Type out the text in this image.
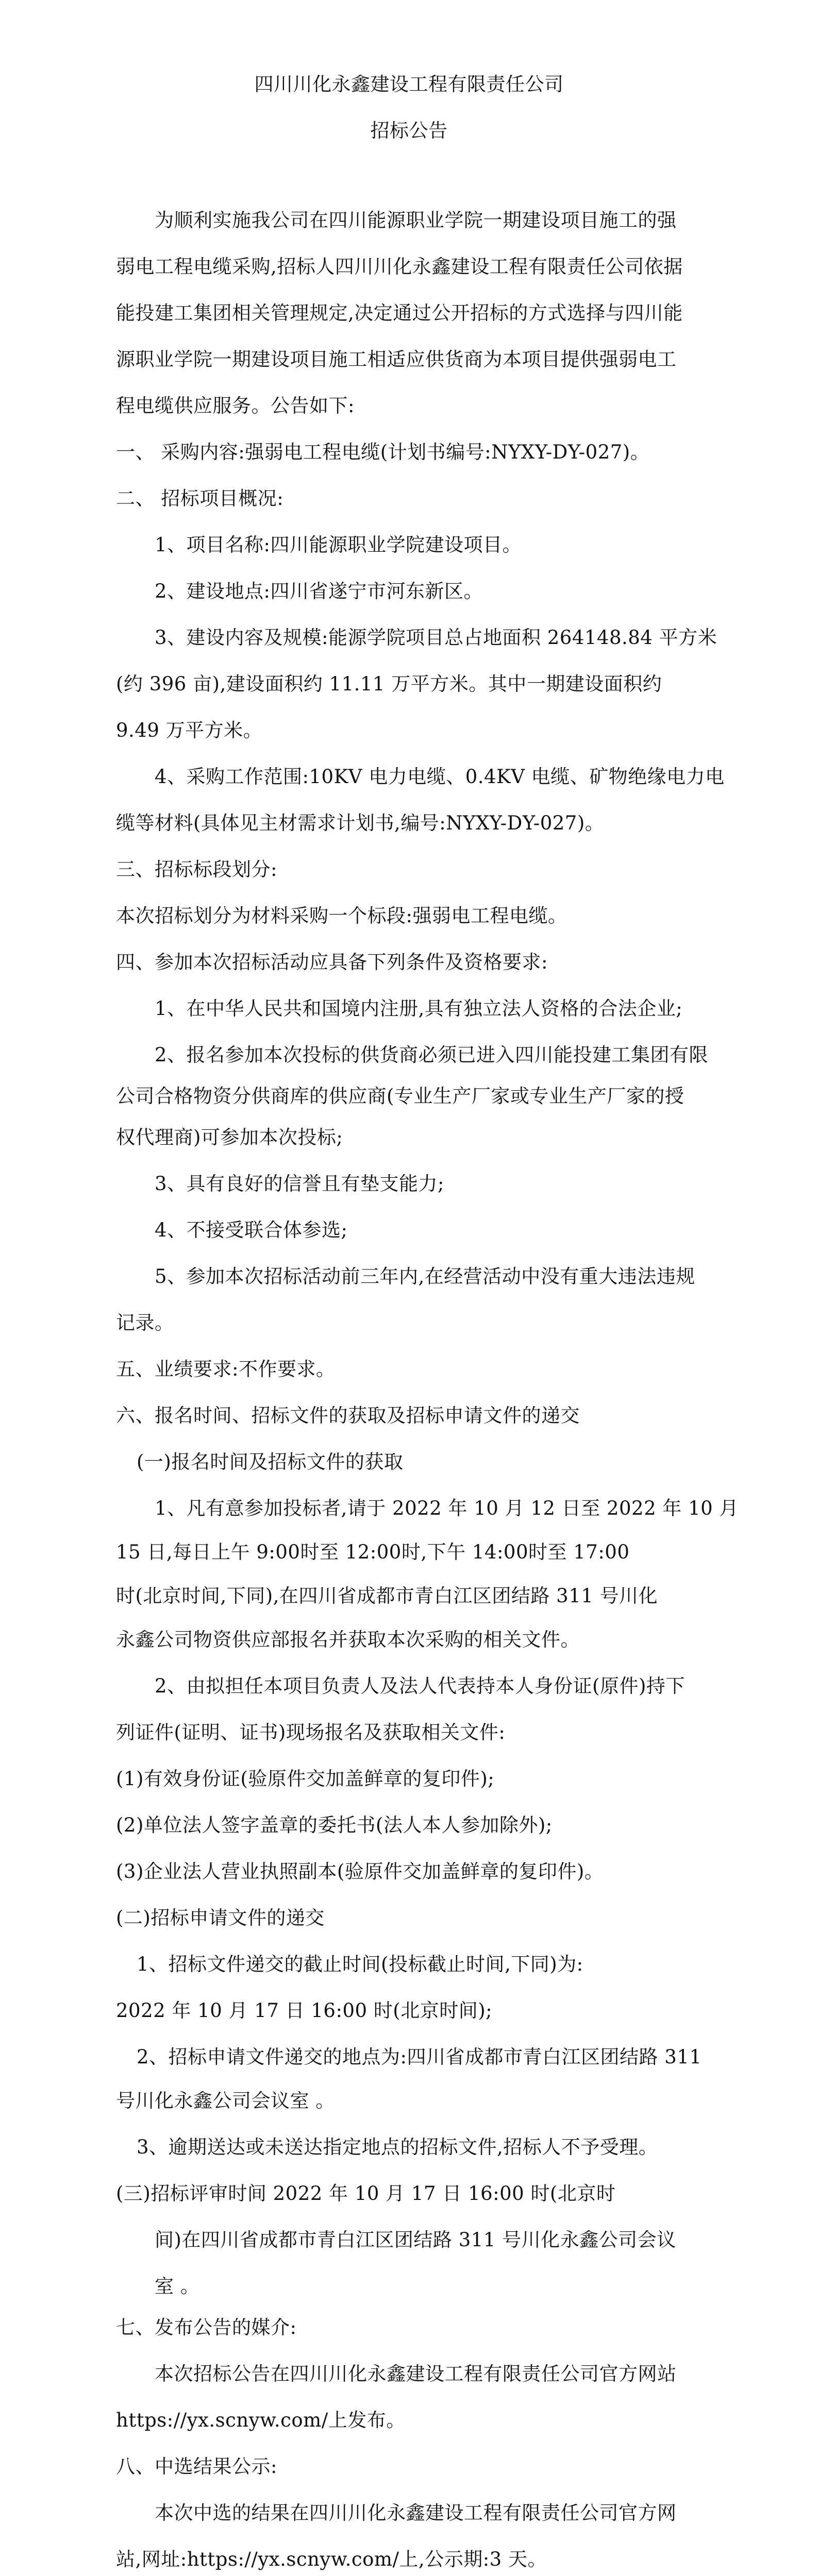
四川川化永鑫建设工程有限责任公司
招标公告
为顺利实施我公司在四川能源职业学院一期建设项目施工的强
弱电工程电缆采购,招标人四川川化永鑫建设工程有限责任公司依据
能投建工集团相关管理规定,决定通过公开招标的方式选择与四川能
源职业学院一期建设项目施工相适应供货商为本项目提供强弱电工
程电缆供应服务。公告如下:
一、 采购内容:强弱电工程电缆(计划书编号:NYXY-DY-027)。
二、 招标项目概况:
1、项目名称:四川能源职业学院建设项目。
2、建设地点:四川省遂宁市河东新区。
3、建设内容及规模:能源学院项目总占地面积 264148.84 平方米
(约 396 亩),建设面积约 11.11 万平方米。其中一期建设面积约
9.49 万平方米。
4、采购工作范围:10KV 电力电缆、0.4KV 电缆、矿物绝缘电力电
缆等材料(具体见主材需求计划书,编号:NYXY-DY-027)。
三、招标标段划分:
本次招标划分为材料采购一个标段:强弱电工程电缆。
四、参加本次招标活动应具备下列条件及资格要求:
1、在中华人民共和国境内注册,具有独立法人资格的合法企业;
2、报名参加本次投标的供货商必须已进入四川能投建工集团有限
公司合格物资分供商库的供应商(专业生产厂家或专业生产厂家的授
权代理商)可参加本次投标;
3、具有良好的信誉且有垫支能力;
4、不接受联合体参选;
5、参加本次招标活动前三年内,在经营活动中没有重大违法违规
记录。
五、业绩要求:不作要求。
六、报名时间、招标文件的获取及招标申请文件的递交
(一)报名时间及招标文件的获取
1、凡有意参加投标者,请于 2022 年 10 月 12 日至 2022 年 10 月
15 日,每日上午 9:00时至 12:00时,下午 14:00时至 17:00
时(北京时间,下同),在四川省成都市青白江区团结路 311 号川化
永鑫公司物资供应部报名并获取本次采购的相关文件。
2、由拟担任本项目负责人及法人代表持本人身份证(原件)持下
列证件(证明、证书)现场报名及获取相关文件:
(1)有效身份证(验原件交加盖鲜章的复印件);
(2)单位法人签字盖章的委托书(法人本人参加除外);
(3)企业法人营业执照副本(验原件交加盖鲜章的复印件)。
(二)招标申请文件的递交
1、招标文件递交的截止时间(投标截止时间,下同)为:
2022 年 10 月 17 日 16:00 时(北京时间);
2、招标申请文件递交的地点为:四川省成都市青白江区团结路 311
号川化永鑫公司会议室 。
3、逾期送达或未送达指定地点的招标文件,招标人不予受理。
(三)招标评审时间 2022 年 10 月 17 日 16:00 时(北京时
间)在四川省成都市青白江区团结路 311 号川化永鑫公司会议
室 。
七、发布公告的媒介:
本次招标公告在四川川化永鑫建设工程有限责任公司官方网站
https://yx.scnyw.com/上发布。
八、中选结果公示:
本次中选的结果在四川川化永鑫建设工程有限责任公司官方网
站,网址:https://yx.scnyw.com/上,公示期:3 天。
